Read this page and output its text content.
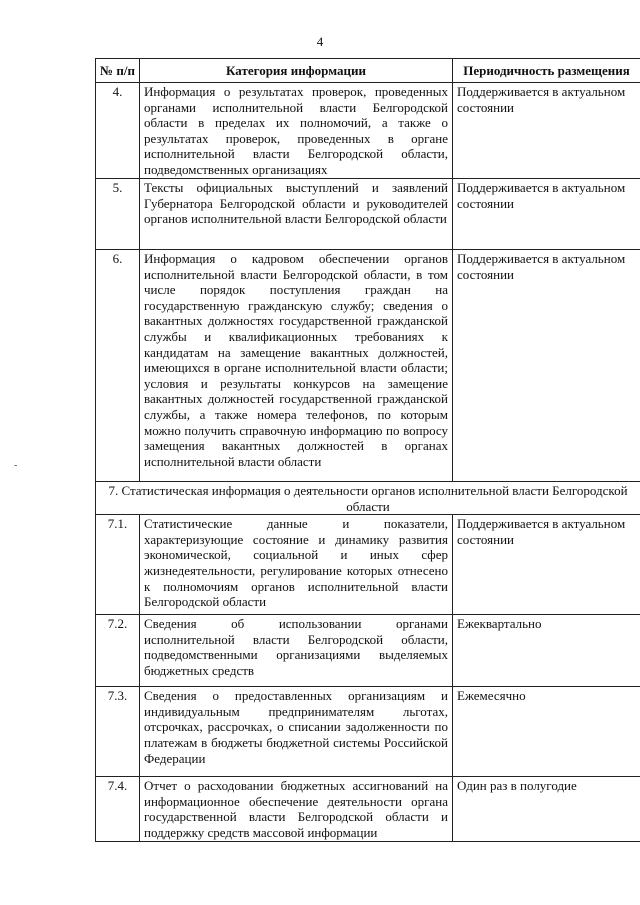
4
-
№ п/п	Категория информации	Периодичность размещения
4.	Информация о результатах проверок, проведенных органами исполнительной власти Белгородской области в пределах их полномочий, а также о результатах проверок, проведенных в органе исполнительной власти Белгородской области, подведомственных организациях	Поддерживается в актуальном состоянии
5.	Тексты официальных выступлений и заявлений Губернатора Белгородской области и руководителей органов исполнительной власти Белгородской области	Поддерживается в актуальном состоянии
6.	Информация о кадровом обеспечении органов исполнительной власти Белгородской области, в том числе порядок поступления граждан на государственную гражданскую службу; сведения о вакантных должностях государственной гражданской службы и квалификационных требованиях к кандидатам на замещение вакантных должностей, имеющихся в органе исполнительной власти области; условия и результаты конкурсов на замещение вакантных должностей государственной гражданской службы, а также номера телефонов, по которым можно получить справочную информацию по вопросу замещения вакантных должностей в органах исполнительной власти области	Поддерживается в актуальном состоянии
7. Статистическая информация о деятельности органов исполнительной власти Белгородской области		
7.1.	Статистические данные и показатели, характеризующие состояние и динамику развития экономической, социальной и иных сфер жизнедеятельности, регулирование которых отнесено к полномочиям органов исполнительной власти Белгородской области	Поддерживается в актуальном состоянии
7.2.	Сведения об использовании органами исполнительной власти Белгородской области, подведомственными организациями выделяемых бюджетных средств	Ежеквартально
7.3.	Сведения о предоставленных организациям и индивидуальным предпринимателям льготах, отсрочках, рассрочках, о списании задолженности по платежам в бюджеты бюджетной системы Российской Федерации	Ежемесячно
7.4.	Отчет о расходовании бюджетных ассигнований на информационное обеспечение деятельности органа государственной власти Белгородской области и поддержку средств массовой информации	Один раз в полугодие
